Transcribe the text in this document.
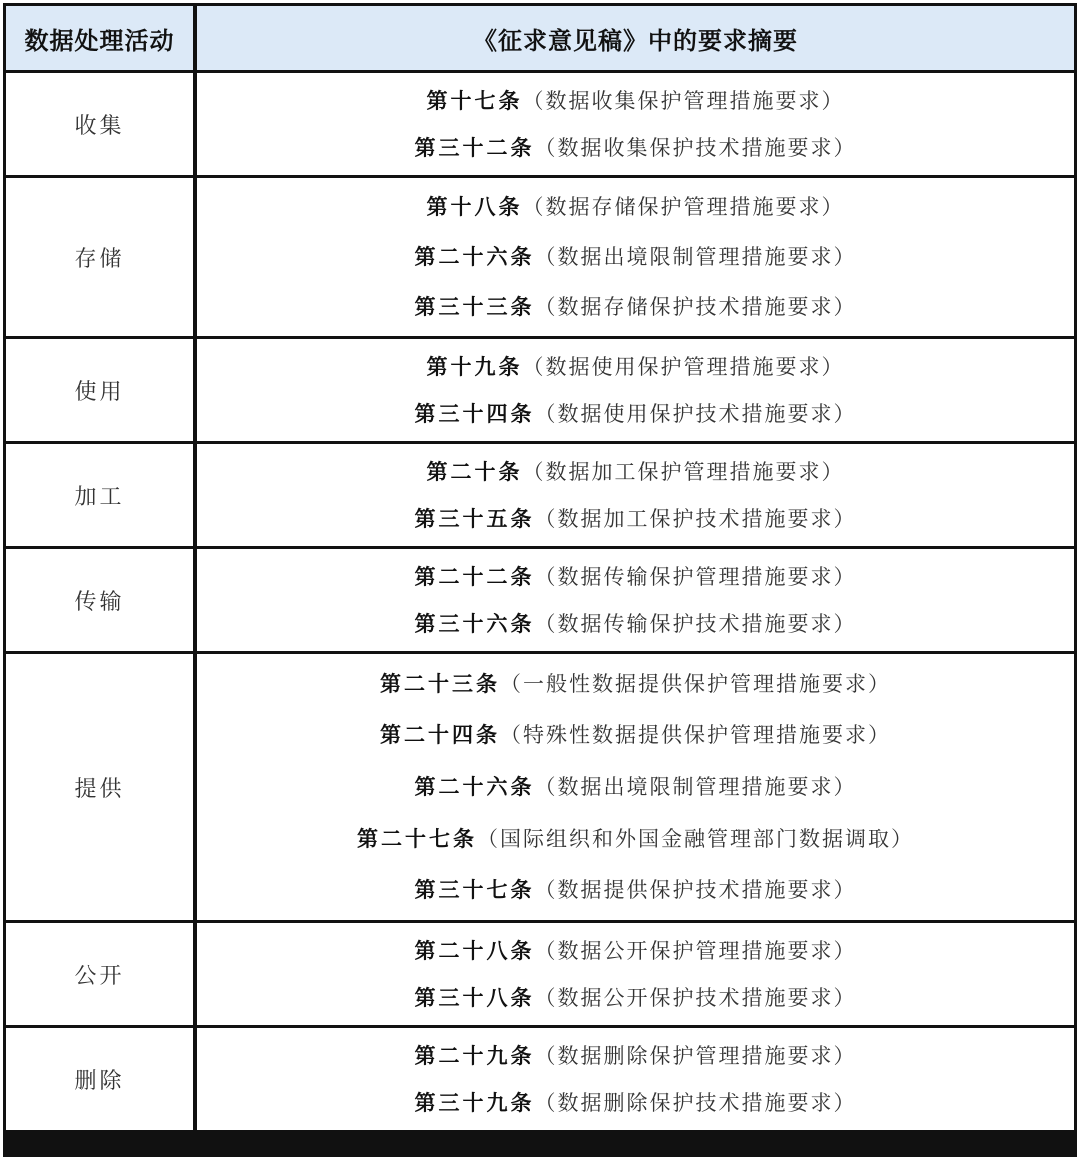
数据处理活动	《征求意见稿》中的要求摘要
收集
第十七条（数据收集保护管理措施要求）
第三十二条（数据收集保护技术措施要求）
存储
第十八条（数据存储保护管理措施要求）
第二十六条（数据出境限制管理措施要求）
第三十三条（数据存储保护技术措施要求）
使用
第十九条（数据使用保护管理措施要求）
第三十四条（数据使用保护技术措施要求）
加工
第二十条（数据加工保护管理措施要求）
第三十五条（数据加工保护技术措施要求）
传输
第二十二条（数据传输保护管理措施要求）
第三十六条（数据传输保护技术措施要求）
提供
第二十三条（一般性数据提供保护管理措施要求）
第二十四条（特殊性数据提供保护管理措施要求）
第二十六条（数据出境限制管理措施要求）
第二十七条（国际组织和外国金融管理部门数据调取）
第三十七条（数据提供保护技术措施要求）
公开
第二十八条（数据公开保护管理措施要求）
第三十八条（数据公开保护技术措施要求）
删除
第二十九条（数据删除保护管理措施要求）
第三十九条（数据删除保护技术措施要求）
